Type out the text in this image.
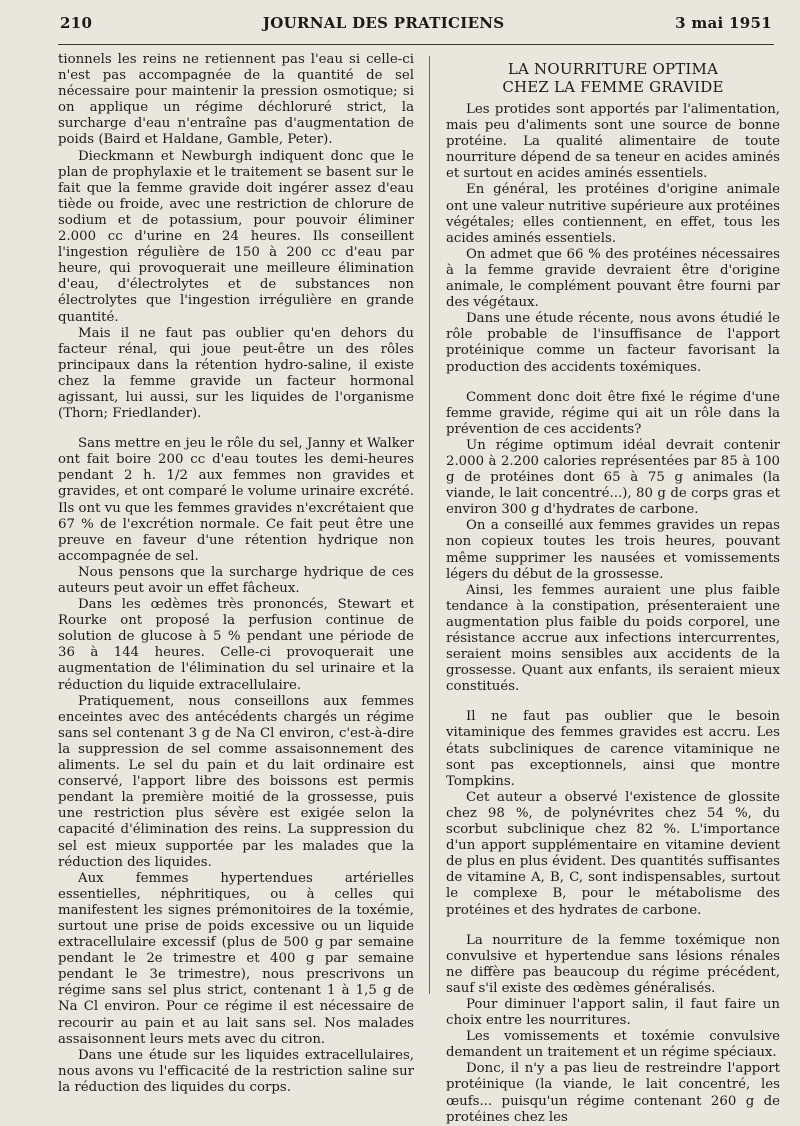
210	JOURNAL DES PRATICIENS	3 mai 1951

tionnels les reins ne retiennent pas l'eau si celle-ci n'est pas accompagnée de la quantité de sel nécessaire pour maintenir la pression osmotique; si on applique un régime déchloruré strict, la surcharge d'eau n'entraîne pas d'augmentation de poids (Baird et Haldane, Gamble, Peter).

Dieckmann et Newburgh indiquent donc que le plan de prophylaxie et le traitement se basent sur le fait que la femme gravide doit ingérer assez d'eau tiède ou froide, avec une restriction de chlorure de sodium et de potassium, pour pouvoir éliminer 2.000 cc d'urine en 24 heures. Ils conseillent l'ingestion régulière de 150 à 200 cc d'eau par heure, qui provoquerait une meilleure élimination d'eau, d'électrolytes et de substances non électrolytes que l'ingestion irrégulière en grande quantité.

Mais il ne faut pas oublier qu'en dehors du facteur rénal, qui joue peut-être un des rôles principaux dans la rétention hydro-saline, il existe chez la femme gravide un facteur hormonal agissant, lui aussi, sur les liquides de l'organisme (Thorn; Friedlander).

Sans mettre en jeu le rôle du sel, Janny et Walker ont fait boire 200 cc d'eau toutes les demi-heures pendant 2 h. 1/2 aux femmes non gravides et gravides, et ont comparé le volume urinaire excrété. Ils ont vu que les femmes gravides n'excrétaient que 67 % de l'excrétion normale. Ce fait peut être une preuve en faveur d'une rétention hydrique non accompagnée de sel.

Nous pensons que la surcharge hydrique de ces auteurs peut avoir un effet fâcheux.

Dans les œdèmes très prononcés, Stewart et Rourke ont proposé la perfusion continue de solution de glucose à 5 % pendant une période de 36 à 144 heures. Celle-ci provoquerait une augmentation de l'élimination du sel urinaire et la réduction du liquide extracellulaire.

Pratiquement, nous conseillons aux femmes enceintes avec des antécédents chargés un régime sans sel contenant 3 g de Na Cl environ, c'est-à-dire la suppression de sel comme assaisonnement des aliments. Le sel du pain et du lait ordinaire est conservé, l'apport libre des boissons est permis pendant la première moitié de la grossesse, puis une restriction plus sévère est exigée selon la capacité d'élimination des reins. La suppression du sel est mieux supportée par les malades que la réduction des liquides.

Aux femmes hypertendues artérielles essentielles, néphritiques, ou à celles qui manifestent les signes prémonitoires de la toxémie, surtout une prise de poids excessive ou un liquide extracellulaire excessif (plus de 500 g par semaine pendant le 2e trimestre et 400 g par semaine pendant le 3e trimestre), nous prescrivons un régime sans sel plus strict, contenant 1 à 1,5 g de Na Cl environ. Pour ce régime il est nécessaire de recourir au pain et au lait sans sel. Nos malades assaisonnent leurs mets avec du citron.

Dans une étude sur les liquides extracellulaires, nous avons vu l'efficacité de la restriction saline sur la réduction des liquides du corps.

LA NOURRITURE OPTIMA
CHEZ LA FEMME GRAVIDE

Les protides sont apportés par l'alimentation, mais peu d'aliments sont une source de bonne protéine. La qualité alimentaire de toute nourriture dépend de sa teneur en acides aminés et surtout en acides aminés essentiels.

En général, les protéines d'origine animale ont une valeur nutritive supérieure aux protéines végétales; elles contiennent, en effet, tous les acides aminés essentiels.

On admet que 66 % des protéines nécessaires à la femme gravide devraient être d'origine animale, le complément pouvant être fourni par des végétaux.

Dans une étude récente, nous avons étudié le rôle probable de l'insuffisance de l'apport protéinique comme un facteur favorisant la production des accidents toxémiques.

Comment donc doit être fixé le régime d'une femme gravide, régime qui ait un rôle dans la prévention de ces accidents?

Un régime optimum idéal devrait contenir 2.000 à 2.200 calories représentées par 85 à 100 g de protéines dont 65 à 75 g animales (la viande, le lait concentré...), 80 g de corps gras et environ 300 g d'hydrates de carbone.

On a conseillé aux femmes gravides un repas non copieux toutes les trois heures, pouvant même supprimer les nausées et vomissements légers du début de la grossesse.

Ainsi, les femmes auraient une plus faible tendance à la constipation, présenteraient une augmentation plus faible du poids corporel, une résistance accrue aux infections intercurrentes, seraient moins sensibles aux accidents de la grossesse. Quant aux enfants, ils seraient mieux constitués.

Il ne faut pas oublier que le besoin vitaminique des femmes gravides est accru. Les états subcliniques de carence vitaminique ne sont pas exceptionnels, ainsi que montre Tompkins.

Cet auteur a observé l'existence de glossite chez 98 %, de polynévrites chez 54 %, du scorbut subclinique chez 82 %. L'importance d'un apport supplémentaire en vitamine devient de plus en plus évident. Des quantités suffisantes de vitamine A, B, C, sont indispensables, surtout le complexe B, pour le métabolisme des protéines et des hydrates de carbone.

La nourriture de la femme toxémique non convulsive et hypertendue sans lésions rénales ne diffère pas beaucoup du régime précédent, sauf s'il existe des œdèmes généralisés.

Pour diminuer l'apport salin, il faut faire un choix entre les nourritures.

Les vomissements et toxémie convulsive demandent un traitement et un régime spéciaux.

Donc, il n'y a pas lieu de restreindre l'apport protéinique (la viande, le lait concentré, les œufs... puisqu'un régime contenant 260 g de protéines chez les
